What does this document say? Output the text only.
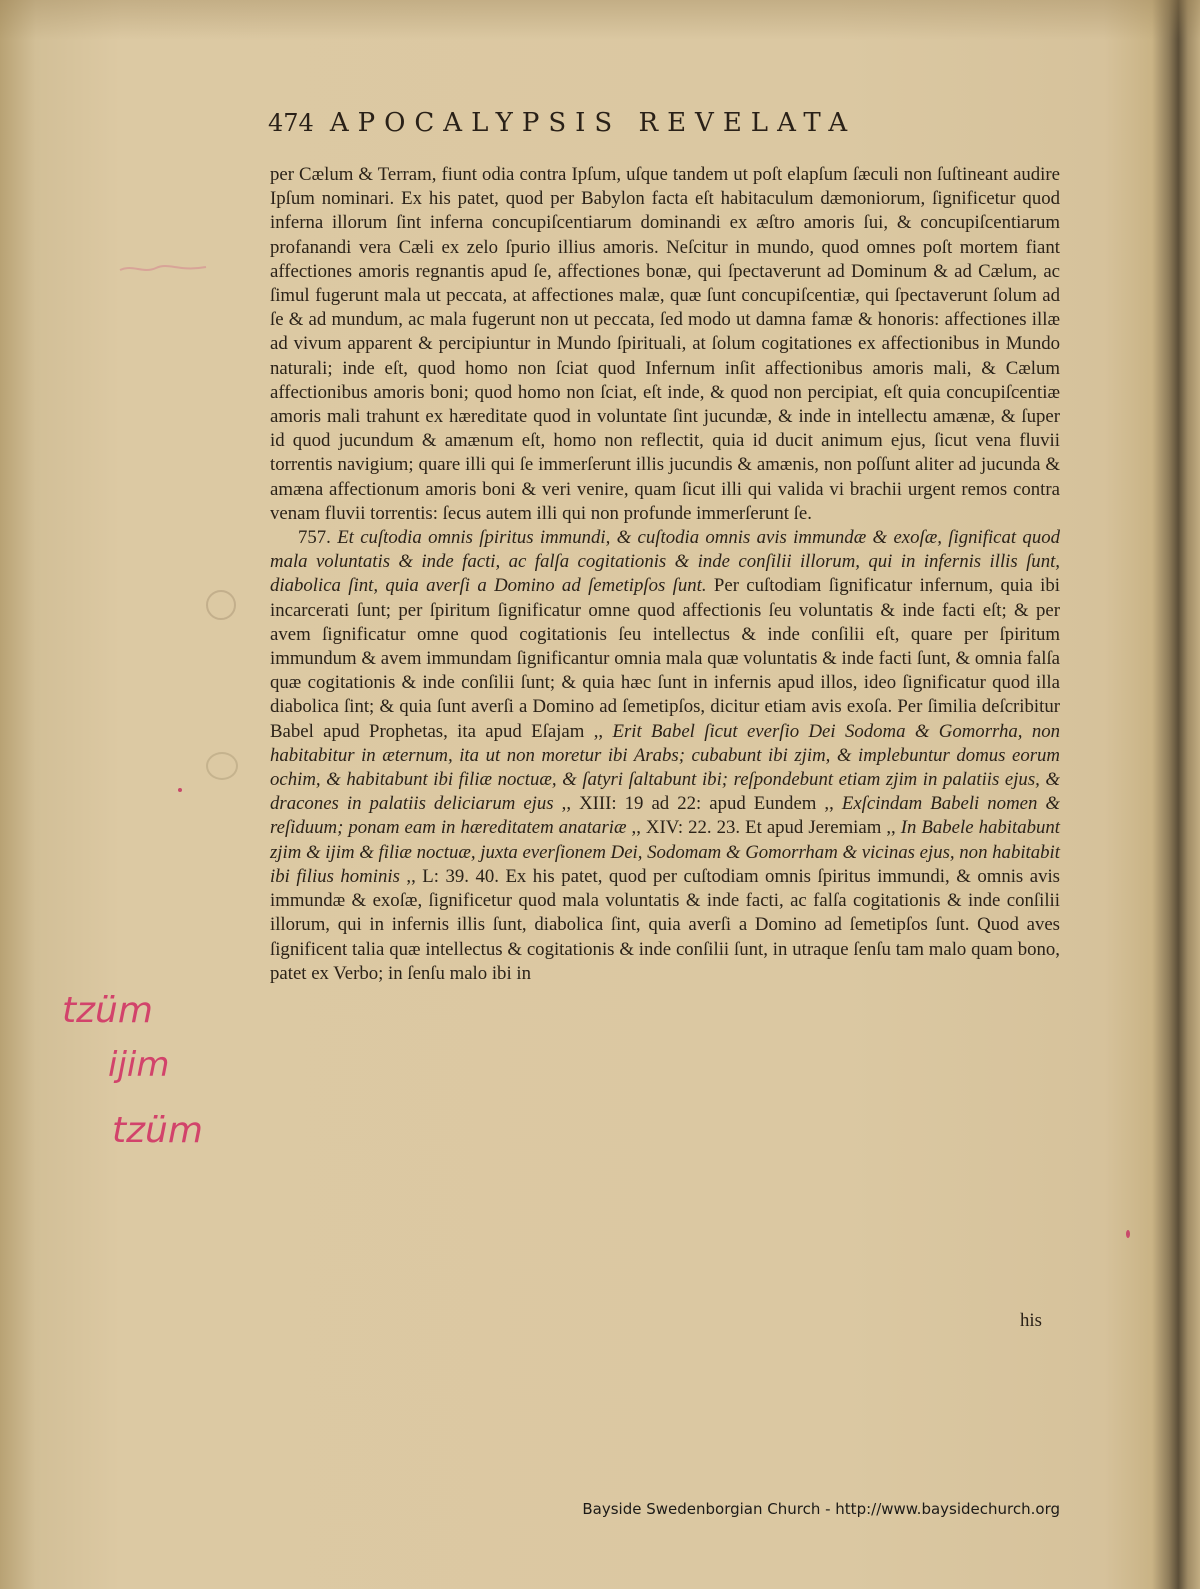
474 APOCALYPSIS REVELATA

per Cælum & Terram, fiunt odia contra Ipſum, uſque tandem ut poſt elapſum ſæculi non ſuſtineant audire Ipſum nominari. Ex his patet, quod per Babylon facta eſt habitaculum dæmoniorum, ſignificetur quod inferna illorum ſint inferna concupiſcentiarum dominandi ex æſtro amoris ſui, & concupiſcentiarum profanandi vera Cæli ex zelo ſpurio illius amoris. Neſcitur in mundo, quod omnes poſt mortem fiant affectiones amoris regnantis apud ſe, affectiones bonæ, qui ſpectaverunt ad Dominum & ad Cælum, ac ſimul fugerunt mala ut peccata, at affectiones malæ, quæ ſunt concupiſcentiæ, qui ſpectaverunt ſolum ad ſe & ad mundum, ac mala fugerunt non ut peccata, ſed modo ut damna famæ & honoris: affectiones illæ ad vivum apparent & percipiuntur in Mundo ſpirituali, at ſolum cogitationes ex affectionibus in Mundo naturali; inde eſt, quod homo non ſciat quod Infernum inſit affectionibus amoris mali, & Cælum affectionibus amoris boni; quod homo non ſciat, eſt inde, & quod non percipiat, eſt quia concupiſcentiæ amoris mali trahunt ex hæreditate quod in voluntate ſint jucundæ, & inde in intellectu amænæ, & ſuper id quod jucundum & amænum eſt, homo non reflectit, quia id ducit animum ejus, ſicut vena fluvii torrentis navigium; quare illi qui ſe immerſerunt illis jucundis & amænis, non poſſunt aliter ad jucunda & amæna affectionum amoris boni & veri venire, quam ſicut illi qui valida vi brachii urgent remos contra venam fluvii torrentis: ſecus autem illi qui non profunde immerſerunt ſe.

757. Et cuſtodia omnis ſpiritus immundi, & cuſtodia omnis avis immundæ & exoſæ, ſignificat quod mala voluntatis & inde facti, ac falſa cogitationis & inde conſilii illorum, qui in infernis illis ſunt, diabolica ſint, quia averſi a Domino ad ſemetipſos ſunt. Per cuſtodiam ſignificatur infernum, quia ibi incarcerati ſunt; per ſpiritum ſignificatur omne quod affectionis ſeu voluntatis & inde facti eſt; & per avem ſignificatur omne quod cogitationis ſeu intellectus & inde conſilii eſt, quare per ſpiritum immundum & avem immundam ſignificantur omnia mala quæ voluntatis & inde facti ſunt, & omnia falſa quæ cogitationis & inde conſilii ſunt; & quia hæc ſunt in infernis apud illos, ideo ſignificatur quod illa diabolica ſint; & quia ſunt averſi a Domino ad ſemetipſos, dicitur etiam avis exoſa. Per ſimilia deſcribitur Babel apud Prophetas, ita apud Eſajam ,, Erit Babel ſicut everſio Dei Sodoma & Gomorrha, non habitabitur in æternum, ita ut non moretur ibi Arabs; cubabunt ibi zjim, & implebuntur domus eorum ochim, & habitabunt ibi filiæ noctuæ, & ſatyri ſaltabunt ibi; reſpondebunt etiam zjim in palatiis ejus, & dracones in palatiis deliciarum ejus ,, XIII: 19 ad 22: apud Eundem ,, Exſcindam Babeli nomen & reſiduum; ponam eam in hæreditatem anatariæ ,, XIV: 22. 23. Et apud Jeremiam ,, In Babele habitabunt zjim & ijim & filiæ noctuæ, juxta everſionem Dei, Sodomam & Gomorrham & vicinas ejus, non habitabit ibi filius hominis ,, L: 39. 40. Ex his patet, quod per cuſtodiam omnis ſpiritus immundi, & omnis avis immundæ & exoſæ, ſignificetur quod mala voluntatis & inde facti, ac falſa cogitationis & inde conſilii illorum, qui in infernis illis ſunt, diabolica ſint, quia averſi a Domino ad ſemetipſos ſunt. Quod aves ſignificent talia quæ intellectus & cogitationis & inde conſilii ſunt, in utraque ſenſu tam malo quam bono, patet ex Verbo; in ſenſu malo ibi in

his
tzüm
ijim
tzüm
Bayside Swedenborgian Church - http://www.baysidechurch.org
